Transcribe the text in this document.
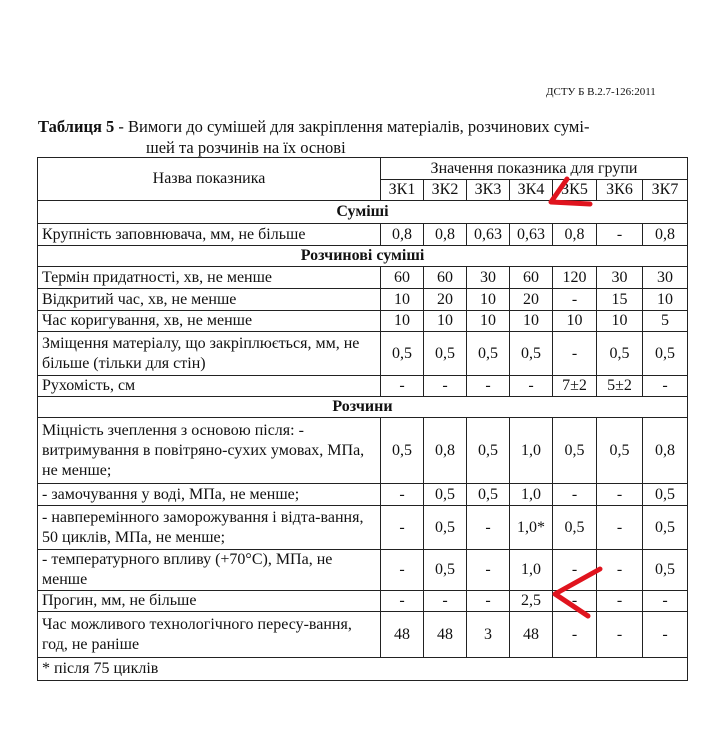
ДСТУ Б В.2.7-126:2011
Таблиця 5 - Вимоги до сумішей для закріплення матеріалів, розчинових сумі-
шей та розчинів на їх основі
Назва показника	Значення показника для групи						
	ЗК1	ЗК2	ЗК3	ЗК4	ЗК5	ЗК6	ЗК7
Суміші							
Крупність заповнювача, мм, не більше	0,8	0,8	0,63	0,63	0,8	-	0,8
Розчинові суміші							
Термін придатності, хв, не менше	60	60	30	60	120	30	30
Відкритий час, хв, не менше	10	20	10	20	-	15	10
Час коригування, хв, не менше	10	10	10	10	10	10	5
Зміщення матеріалу, що закріплюється, мм, не більше (тільки для стін)	0,5	0,5	0,5	0,5	-	0,5	0,5
Рухомість, см	-	-	-	-	7±2	5±2	-
Розчини							
Міцність зчеплення з основою після: - витримування в повітряно-сухих умовах, МПа, не менше;	0,5	0,8	0,5	1,0	0,5	0,5	0,8
- замочування у воді, МПа, не менше;	-	0,5	0,5	1,0	-	-	0,5
- навперемінного заморожування і відта-вання, 50 циклів, МПа, не менше;	-	0,5	-	1,0*	0,5	-	0,5
- температурного впливу (+70°С), МПа, не менше	-	0,5	-	1,0	-	-	0,5
Прогин, мм, не більше	-	-	-	2,5	-	-	-
Час можливого технологічного пересу-вання, год, не раніше	48	48	3	48	-	-	-
* після 75 циклів							
